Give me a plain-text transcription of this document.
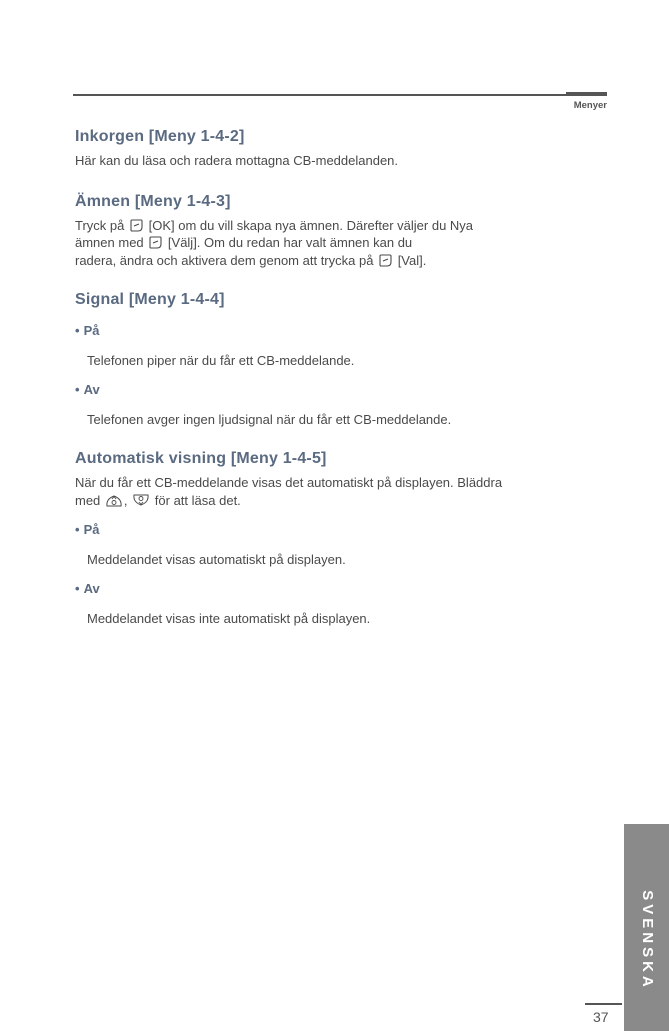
Menyer
Inkorgen [Meny 1-4-2]

Här kan du läsa och radera mottagna CB-meddelanden.

Ämnen [Meny 1-4-3]

Tryck på [OK] om du vill skapa nya ämnen. Därefter väljer du Nya
ämnen med [Välj]. Om du redan har valt ämnen kan du
radera, ändra och aktivera dem genom att trycka på [Val].

Signal [Meny 1-4-4]

• På

Telefonen piper när du får ett CB-meddelande.

• Av

Telefonen avger ingen ljudsignal när du får ett CB-meddelande.

Automatisk visning [Meny 1-4-5]

När du får ett CB-meddelande visas det automatiskt på displayen. Bläddra
med , för att läsa det.

• På

Meddelandet visas automatiskt på displayen.

• Av

Meddelandet visas inte automatiskt på displayen.

SVENSKA
37
